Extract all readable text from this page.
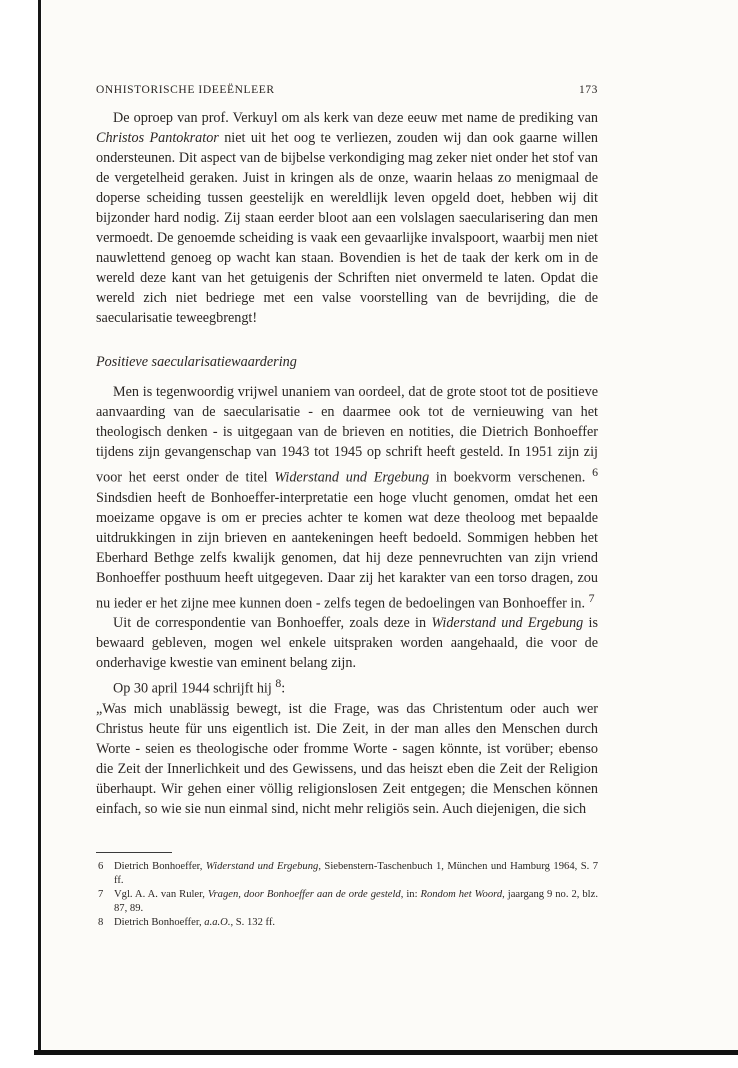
ONHISTORISCHE IDEEËNLEER	173

De oproep van prof. Verkuyl om als kerk van deze eeuw met name de prediking van Christos Pantokrator niet uit het oog te verliezen, zouden wij dan ook gaarne willen ondersteunen. Dit aspect van de bijbelse verkondiging mag zeker niet onder het stof van de vergetelheid geraken. Juist in kringen als de onze, waarin helaas zo menigmaal de doperse scheiding tussen geestelijk en wereldlijk leven opgeld doet, hebben wij dit bijzonder hard nodig. Zij staan eerder bloot aan een volslagen saecularisering dan men vermoedt. De genoemde scheiding is vaak een gevaarlijke invalspoort, waarbij men niet nauwlettend genoeg op wacht kan staan. Bovendien is het de taak der kerk om in de wereld deze kant van het getuigenis der Schriften niet onvermeld te laten. Opdat die wereld zich niet bedriege met een valse voorstelling van de bevrijding, die de saecularisatie teweegbrengt!

Positieve saecularisatiewaardering

Men is tegenwoordig vrijwel unaniem van oordeel, dat de grote stoot tot de positieve aanvaarding van de saecularisatie - en daarmee ook tot de vernieuwing van het theologisch denken - is uitgegaan van de brieven en notities, die Dietrich Bonhoeffer tijdens zijn gevangenschap van 1943 tot 1945 op schrift heeft gesteld. In 1951 zijn zij voor het eerst onder de titel Widerstand und Ergebung in boekvorm verschenen. $^6$ Sindsdien heeft de Bonhoeffer-interpretatie een hoge vlucht genomen, omdat het een moeizame opgave is om er precies achter te komen wat deze theoloog met bepaalde uitdrukkingen in zijn brieven en aantekeningen heeft bedoeld. Sommigen hebben het Eberhard Bethge zelfs kwalijk genomen, dat hij deze pennevruchten van zijn vriend Bonhoeffer posthuum heeft uitgegeven. Daar zij het karakter van een torso dragen, zou nu ieder er het zijne mee kunnen doen - zelfs tegen de bedoelingen van Bonhoeffer in. $^7$

Uit de correspondentie van Bonhoeffer, zoals deze in Widerstand und Ergebung is bewaard gebleven, mogen wel enkele uitspraken worden aangehaald, die voor de onderhavige kwestie van eminent belang zijn.

Op 30 april 1944 schrijft hij $^8$:

„Was mich unablässig bewegt, ist die Frage, was das Christentum oder auch wer Christus heute für uns eigentlich ist. Die Zeit, in der man alles den Menschen durch Worte - seien es theologische oder fromme Worte - sagen könnte, ist vorüber; ebenso die Zeit der Innerlichkeit und des Gewissens, und das heiszt eben die Zeit der Religion überhaupt. Wir gehen einer völlig religionslosen Zeit entgegen; die Menschen können einfach, so wie sie nun einmal sind, nicht mehr religiös sein. Auch diejenigen, die sich

6 Dietrich Bonhoeffer, Widerstand und Ergebung, Siebenstern-Taschenbuch 1, München und Hamburg 1964, S. 7 ff.
7 Vgl. A. A. van Ruler, Vragen, door Bonhoeffer aan de orde gesteld, in: Rondom het Woord, jaargang 9 no. 2, blz. 87, 89.
8 Dietrich Bonhoeffer, a.a.O., S. 132 ff.
